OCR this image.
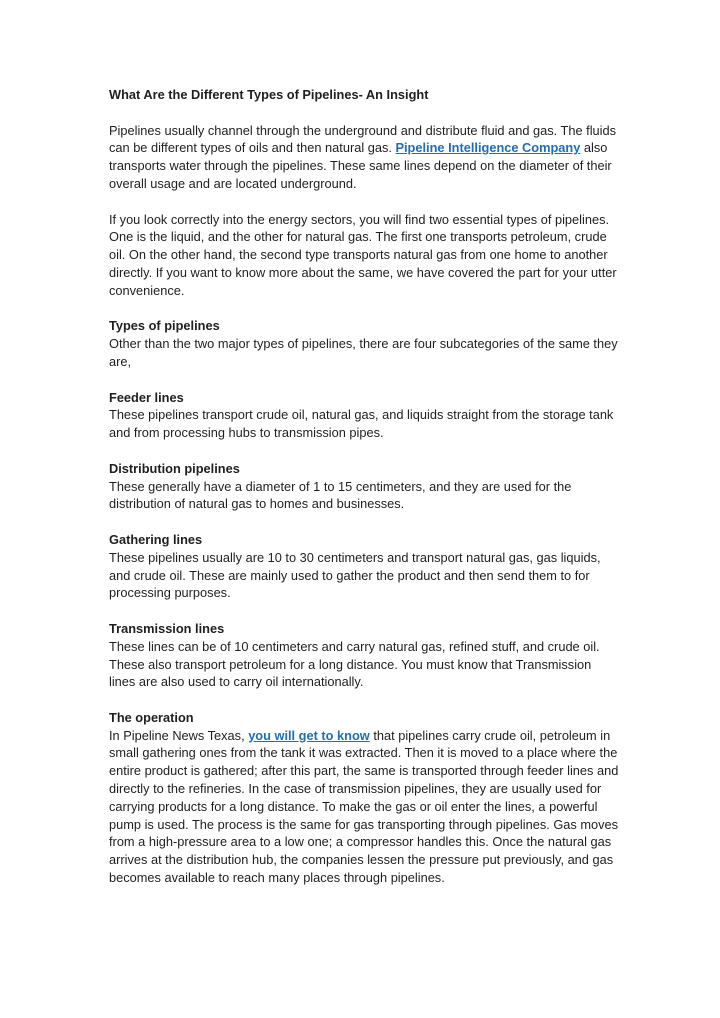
What Are the Different Types of Pipelines- An Insight

Pipelines usually channel through the underground and distribute fluid and gas. The fluids can be different types of oils and then natural gas. Pipeline Intelligence Company also transports water through the pipelines. These same lines depend on the diameter of their overall usage and are located underground.

If you look correctly into the energy sectors, you will find two essential types of pipelines. One is the liquid, and the other for natural gas. The first one transports petroleum, crude oil. On the other hand, the second type transports natural gas from one home to another directly. If you want to know more about the same, we have covered the part for your utter convenience.

Types of pipelines
Other than the two major types of pipelines, there are four subcategories of the same they are,

Feeder lines
These pipelines transport crude oil, natural gas, and liquids straight from the storage tank and from processing hubs to transmission pipes.

Distribution pipelines
These generally have a diameter of 1 to 15 centimeters, and they are used for the distribution of natural gas to homes and businesses.

Gathering lines
These pipelines usually are 10 to 30 centimeters and transport natural gas, gas liquids, and crude oil. These are mainly used to gather the product and then send them to for processing purposes.

Transmission lines
These lines can be of 10 centimeters and carry natural gas, refined stuff, and crude oil. These also transport petroleum for a long distance. You must know that Transmission lines are also used to carry oil internationally.

The operation
In Pipeline News Texas, you will get to know that pipelines carry crude oil, petroleum in small gathering ones from the tank it was extracted. Then it is moved to a place where the entire product is gathered; after this part, the same is transported through feeder lines and directly to the refineries. In the case of transmission pipelines, they are usually used for carrying products for a long distance. To make the gas or oil enter the lines, a powerful pump is used. The process is the same for gas transporting through pipelines. Gas moves from a high-pressure area to a low one; a compressor handles this. Once the natural gas arrives at the distribution hub, the companies lessen the pressure put previously, and gas becomes available to reach many places through pipelines.
